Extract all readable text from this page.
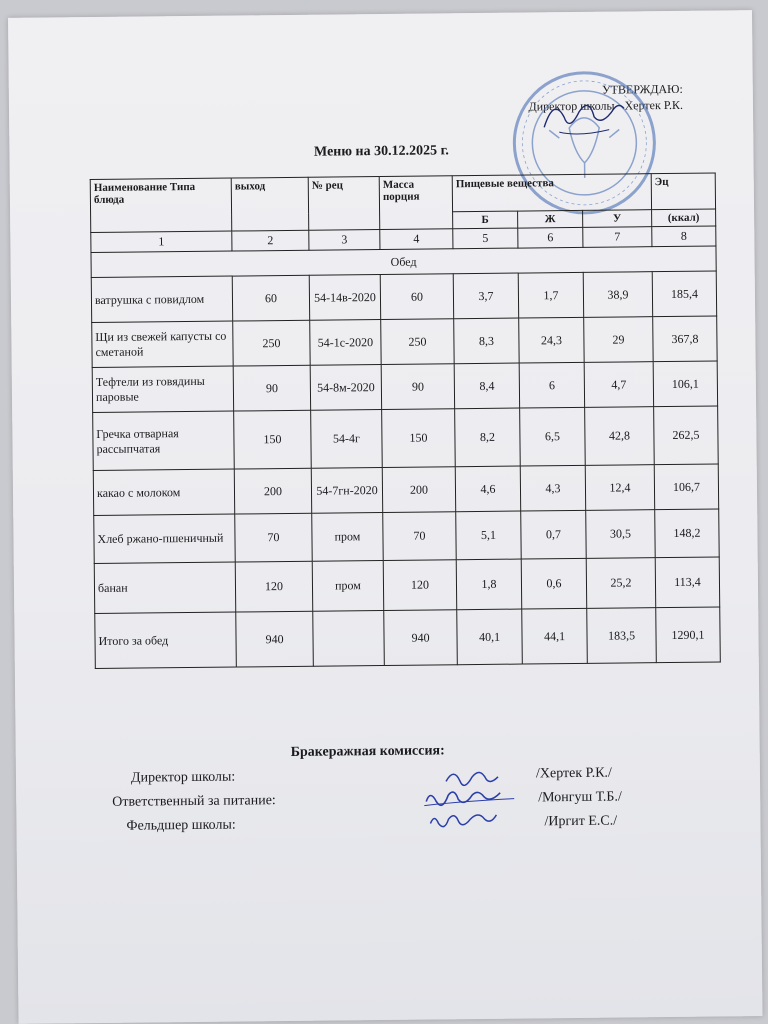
УТВЕРЖДАЮ:
Директор школы Хертек Р.К.
Меню на 30.12.2025 г.
Наименование Типа блюда	выход	№ рец	Масса порция	Пищевые вещества			Эц
				Б	Ж	У	(ккал)
1	2	3	4	5	6	7	8
Обед							
ватрушка с повидлом	60	54-14в-2020	60	3,7	1,7	38,9	185,4
Щи из свежей капусты со сметаной	250	54-1с-2020	250	8,3	24,3	29	367,8
Тефтели из говядины паровые	90	54-8м-2020	90	8,4	6	4,7	106,1
Гречка отварная рассыпчатая	150	54-4г	150	8,2	6,5	42,8	262,5
какао с молоком	200	54-7гн-2020	200	4,6	4,3	12,4	106,7
Хлеб ржано-пшеничный	70	пром	70	5,1	0,7	30,5	148,2
банан	120	пром	120	1,8	0,6	25,2	113,4
Итого за обед	940		940	40,1	44,1	183,5	1290,1
Бракеражная комиссия:
Директор школы:	/Хертек Р.К./
Ответственный за питание:	/Монгуш Т.Б./
Фельдшер школы:	/Иргит Е.С./
